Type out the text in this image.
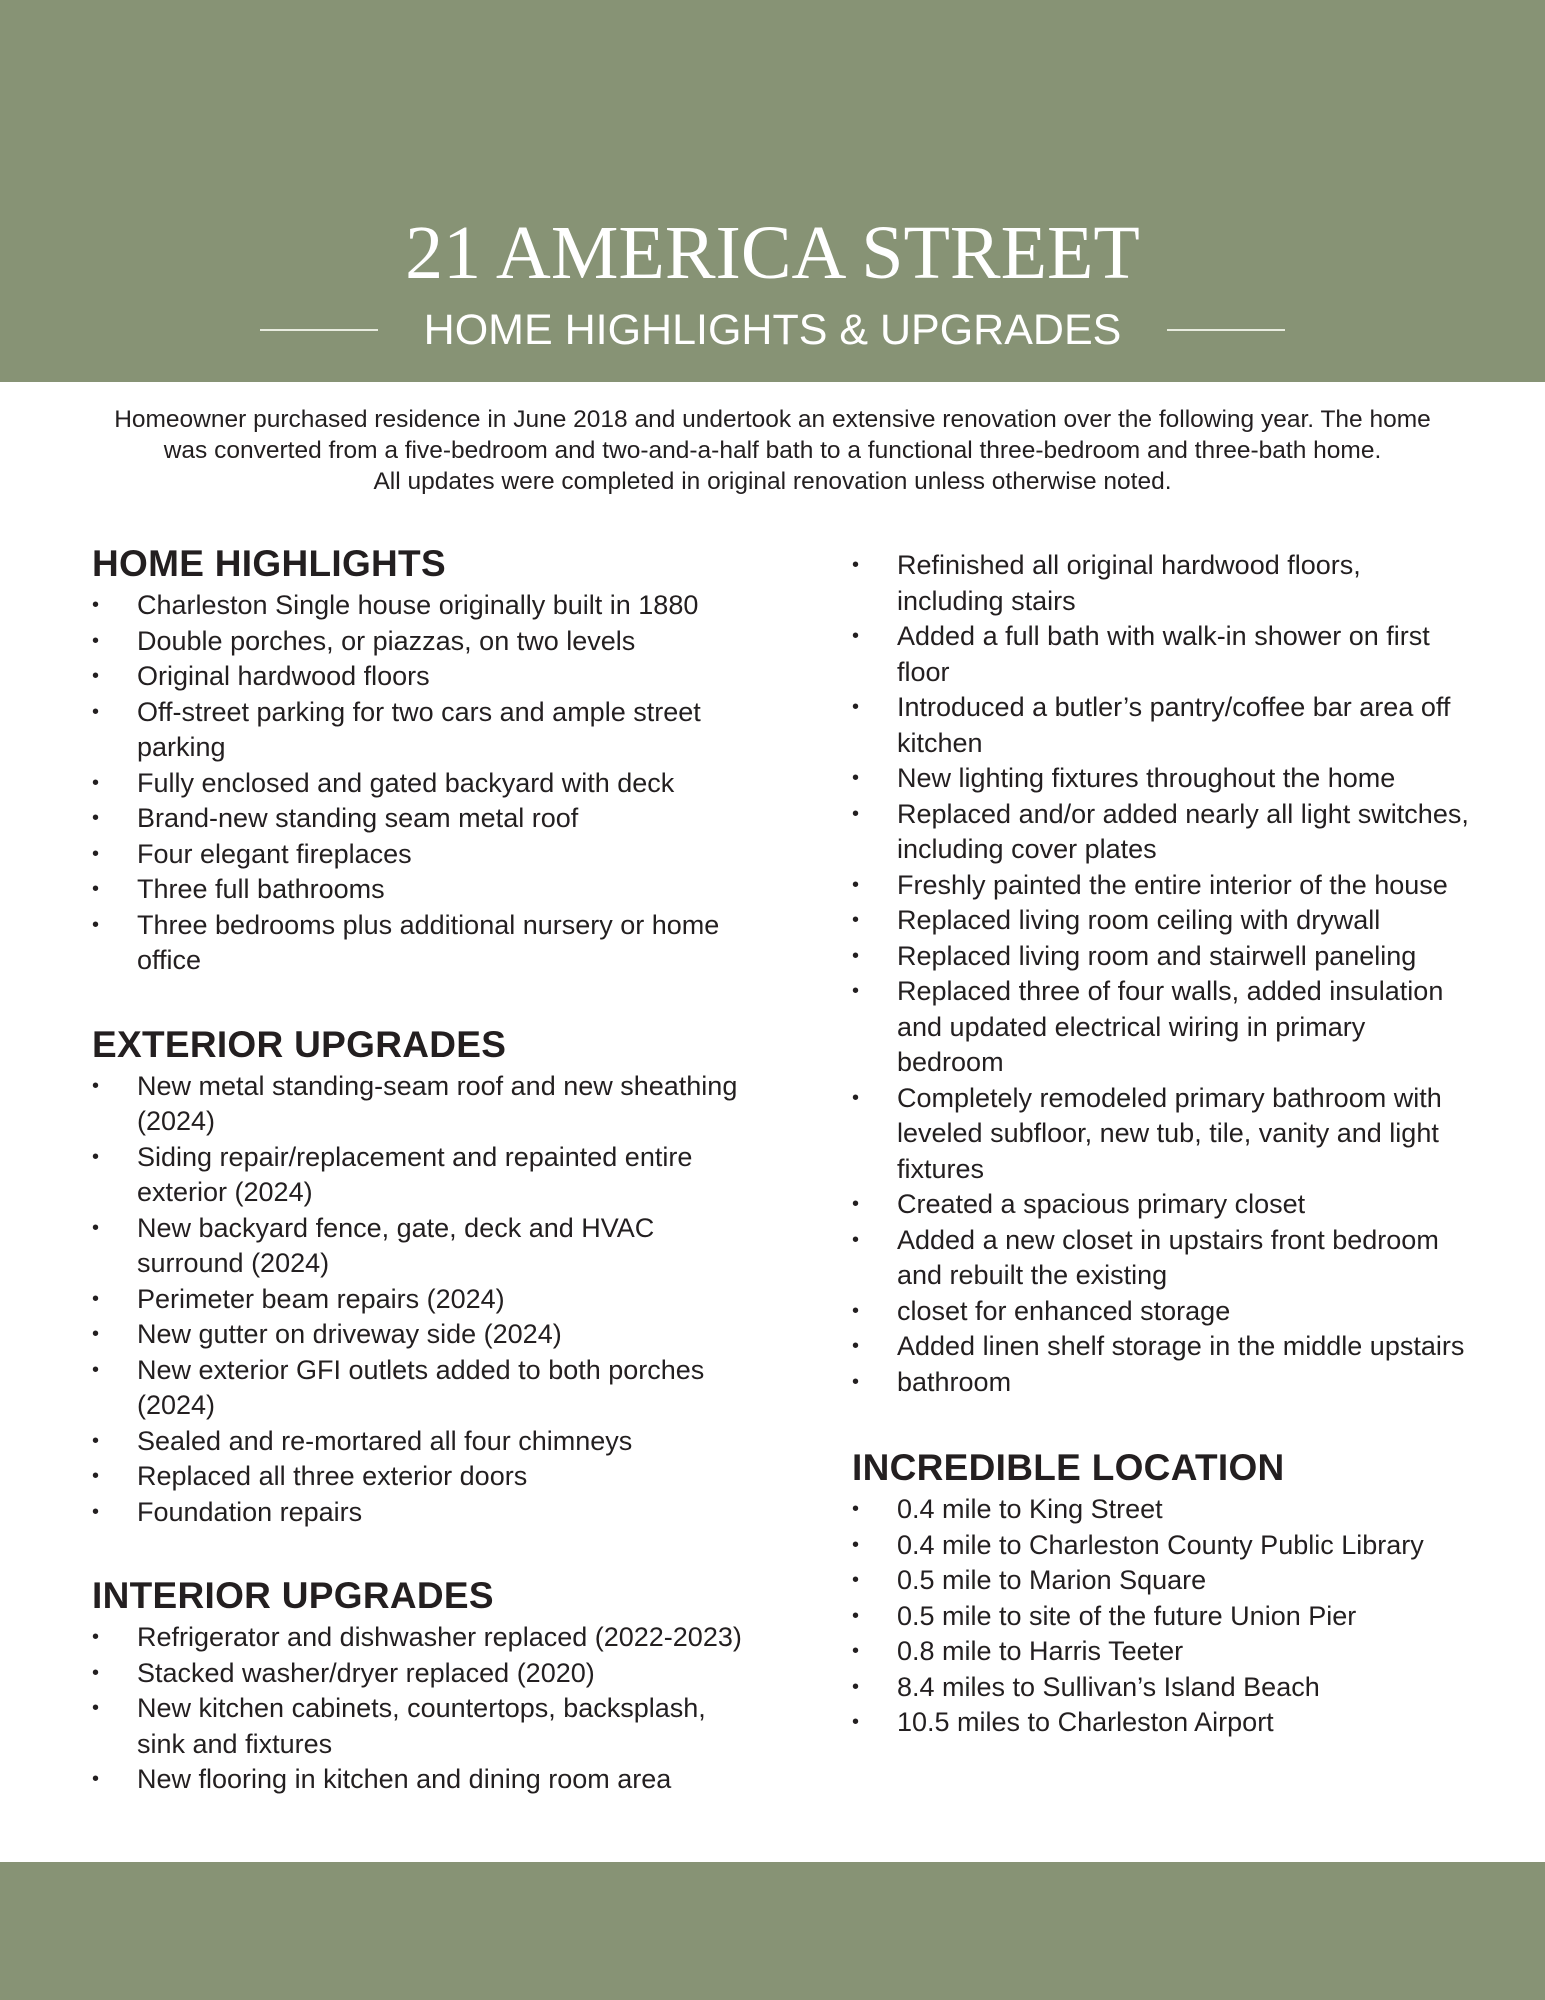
21 AMERICA STREET
HOME HIGHLIGHTS & UPGRADES

Homeowner purchased residence in June 2018 and undertook an extensive renovation over the following year. The home

was converted from a five-bedroom and two-and-a-half bath to a functional three-bedroom and three-bath home.

All updates were completed in original renovation unless otherwise noted.

HOME HIGHLIGHTS
•	Charleston Single house originally built in 1880
•	Double porches, or piazzas, on two levels
•	Original hardwood floors
•	Off-street parking for two cars and ample street parking
•	Fully enclosed and gated backyard with deck
•	Brand-new standing seam metal roof
•	Four elegant fireplaces
•	Three full bathrooms
•	Three bedrooms plus additional nursery or home office
EXTERIOR UPGRADES
•	New metal standing-seam roof and new sheathing (2024)
•	Siding repair/replacement and repainted entire exterior (2024)
•	New backyard fence, gate, deck and HVAC surround (2024)
•	Perimeter beam repairs (2024)
•	New gutter on driveway side (2024)
•	New exterior GFI outlets added to both porches (2024)
•	Sealed and re-mortared all four chimneys
•	Replaced all three exterior doors
•	Foundation repairs
INTERIOR UPGRADES
•	Refrigerator and dishwasher replaced (2022-2023)
•	Stacked washer/dryer replaced (2020)
•	New kitchen cabinets, countertops, backsplash, sink and fixtures
•	New flooring in kitchen and dining room area
•	Refinished all original hardwood floors, including stairs
•	Added a full bath with walk-in shower on first floor
•	Introduced a butler’s pantry/coffee bar area off kitchen
•	New lighting fixtures throughout the home
•	Replaced and/or added nearly all light switches, including cover plates
•	Freshly painted the entire interior of the house
•	Replaced living room ceiling with drywall
•	Replaced living room and stairwell paneling
•	Replaced three of four walls, added insulation and updated electrical wiring in primary bedroom
•	Completely remodeled primary bathroom with leveled subfloor, new tub, tile, vanity and light fixtures
•	Created a spacious primary closet
•	Added a new closet in upstairs front bedroom and rebuilt the existing
•	closet for enhanced storage
•	Added linen shelf storage in the middle upstairs
•	bathroom
INCREDIBLE LOCATION
•	0.4 mile to King Street
•	0.4 mile to Charleston County Public Library
•	0.5 mile to Marion Square
•	0.5 mile to site of the future Union Pier
•	0.8 mile to Harris Teeter
•	8.4 miles to Sullivan’s Island Beach
•	10.5 miles to Charleston Airport
